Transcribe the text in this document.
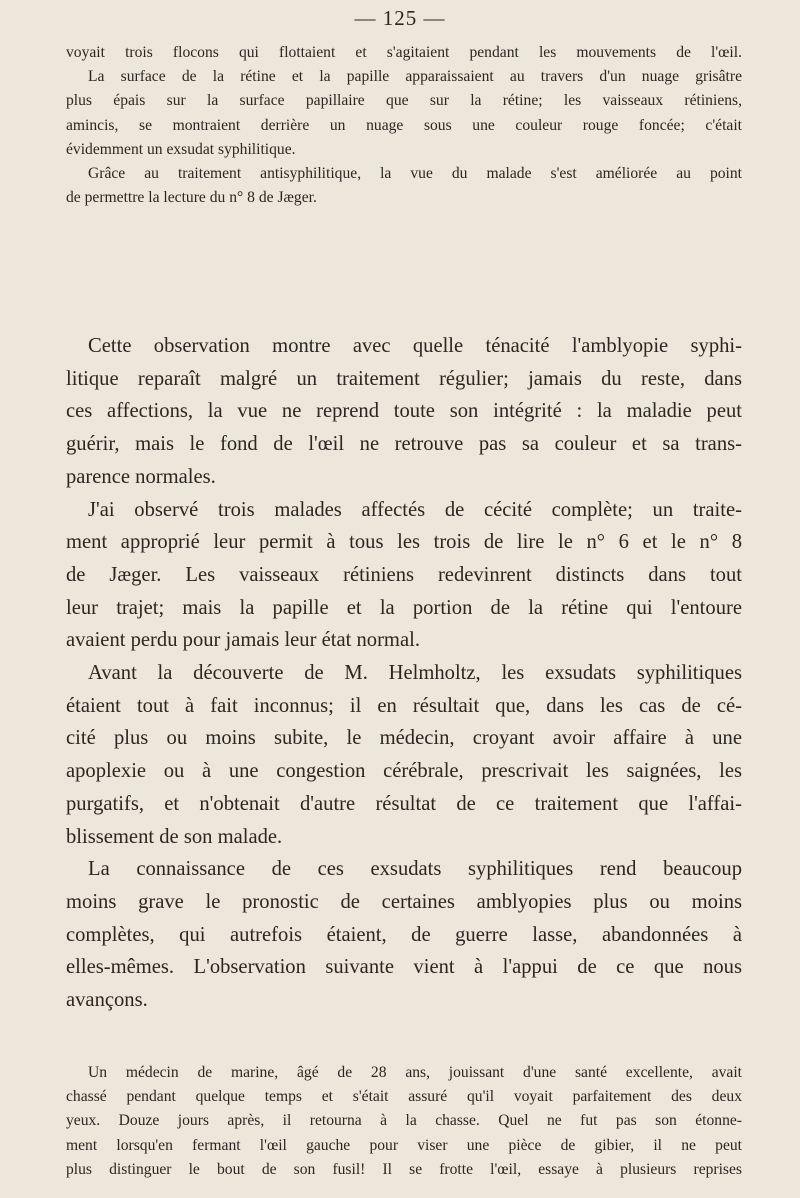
— 125 —
voyait trois flocons qui flottaient et s'agitaient pendant les mouvements de l'œil.
La surface de la rétine et la papille apparaissaient au travers d'un nuage grisâtre
plus épais sur la surface papillaire que sur la rétine; les vaisseaux rétiniens,
amincis, se montraient derrière un nuage sous une couleur rouge foncée; c'était
évidemment un exsudat syphilitique.
Grâce au traitement antisyphilitique, la vue du malade s'est améliorée au point
de permettre la lecture du n° 8 de Jæger.
Cette observation montre avec quelle ténacité l'amblyopie syphi-
litique reparaît malgré un traitement régulier; jamais du reste, dans
ces affections, la vue ne reprend toute son intégrité : la maladie peut
guérir, mais le fond de l'œil ne retrouve pas sa couleur et sa trans-
parence normales.
J'ai observé trois malades affectés de cécité complète; un traite-
ment approprié leur permit à tous les trois de lire le n° 6 et le n° 8
de Jæger. Les vaisseaux rétiniens redevinrent distincts dans tout
leur trajet; mais la papille et la portion de la rétine qui l'entoure
avaient perdu pour jamais leur état normal.
Avant la découverte de M. Helmholtz, les exsudats syphilitiques
étaient tout à fait inconnus; il en résultait que, dans les cas de cé-
cité plus ou moins subite, le médecin, croyant avoir affaire à une
apoplexie ou à une congestion cérébrale, prescrivait les saignées, les
purgatifs, et n'obtenait d'autre résultat de ce traitement que l'affai-
blissement de son malade.
La connaissance de ces exsudats syphilitiques rend beaucoup
moins grave le pronostic de certaines amblyopies plus ou moins
complètes, qui autrefois étaient, de guerre lasse, abandonnées à
elles-mêmes. L'observation suivante vient à l'appui de ce que nous
avançons.
Un médecin de marine, âgé de 28 ans, jouissant d'une santé excellente, avait
chassé pendant quelque temps et s'était assuré qu'il voyait parfaitement des deux
yeux. Douze jours après, il retourna à la chasse. Quel ne fut pas son étonne-
ment lorsqu'en fermant l'œil gauche pour viser une pièce de gibier, il ne peut
plus distinguer le bout de son fusil! Il se frotte l'œil, essaye à plusieurs reprises
